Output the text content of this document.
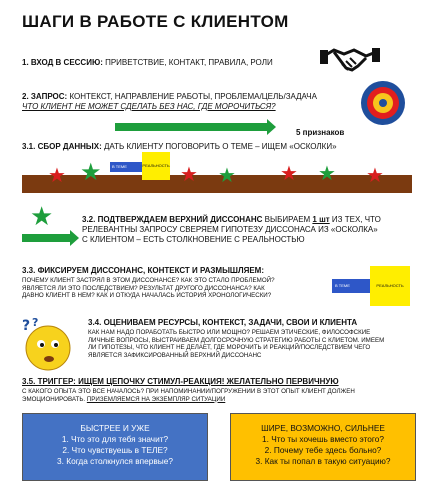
ШАГИ В РАБОТЕ С КЛИЕНТОМ
1. ВХОД В СЕССИЮ: ПРИВЕТСТВИЕ, КОНТАКТ, ПРАВИЛА, РОЛИ
2. ЗАПРОС: КОНТЕКСТ, НАПРАВЛЕНИЕ РАБОТЫ, ПРОБЛЕМА/ЦЕЛЬ/ЗАДАЧА
ЧТО КЛИЕНТ НЕ МОЖЕТ СДЕЛАТЬ БЕЗ НАС, ГДЕ МОРОЧИТЬСЯ?
5 признаков
3.1. СБОР ДАННЫХ: ДАТЬ КЛИЕНТУ ПОГОВОРИТЬ О ТЕМЕ – ИЩЕМ «ОСКОЛКИ»
★ ★	★ ★ ★ ★ ★
В ТЕМЕ	РЕАЛЬНОСТЬ
★	3.2. ПОДТВЕРЖДАЕМ ВЕРХНИЙ ДИССОНАНС ВЫБИРАЕМ 1 шт ИЗ ТЕХ, ЧТО
РЕЛЕВАНТНЫ ЗАПРОСУ СВЕРЯЕМ ГИПОТЕЗУ ДИССОНАСА ИЗ «ОСКОЛКА»
С КЛИЕНТОМ – ЕСТЬ СТОЛКНОВЕНИЕ С РЕАЛЬНОСТЬЮ
3.3. ФИКСИРУЕМ ДИССОНАНС, КОНТЕКСТ И РАЗМЫШЛЯЕМ:
ПОЧЕМУ КЛИЕНТ ЗАСТРЯЛ В ЭТОМ ДИССОНАНСЕ? КАК ЭТО СТАЛО ПРОБЛЕМОЙ?
ЯВЛЯЕТСЯ ЛИ ЭТО ПОСЛЕДСТВИЕМ? РЕЗУЛЬТАТ ДРУГОГО ДИССОНАНСА? КАК
ДАВНО КЛИЕНТ В НЕМ? КАК И ОТКУДА НАЧАЛАСЬ ИСТОРИЯ ХРОНОЛОГИЧЕСКИ?
В ТЕМЕ	РЕАЛЬНОСТЬ
? ?	3.4. ОЦЕНИВАЕМ РЕСУРСЫ, КОНТЕКСТ, ЗАДАЧИ, СВОИ И КЛИЕНТА
КАК НАМ НАДО ПОРАБОТАТЬ БЫСТРО ИЛИ МОЩНО? РЕШАЕМ ЭТИЧЕСКИЕ, ФИЛОСОФСКИЕ
ЛИЧНЫЕ ВОПРОСЫ, ВЫСТРАИВАЕМ ДОЛГОСРОЧНУЮ СТРАТЕГИЮ РАБОТЫ С КЛИЕТОМ. ИМЕЕМ
ЛИ ГИПОТЕЗЫ, ЧТО КЛИЕНТ НЕ ДЕЛАЕТ, ГДЕ МОРОЧИТЬ И РЕАКЦИЙ/ПОСЛЕДСТВИЕМ ЧЕГО
ЯВЛЯЕТСЯ ЗАФИКСИРОВАННЫЙ ВЕРХНИЙ ДИССОНАНС
3.5. ТРИГГЕР: ИЩЕМ ЦЕПОЧКУ СТИМУЛ-РЕАКЦИЯ! ЖЕЛАТЕЛЬНО ПЕРВИЧНУЮ
С КАКОГО ОПЫТА ЭТО ВСЕ НАЧАЛОСЬ? ПРИ НАПОМИНАНИИ/ПОГРУЖЕНИИ В ЭТОТ ОПЫТ КЛИЕНТ ДОЛЖЕН
ЭМОЦИОНИРОВАТЬ. ПРИЗЕМЛЯЕМСЯ НА ЭКЗЕМПЛЯР СИТУАЦИИ
БЫСТРЕЕ И УЖЕ
1. Что это для тебя значит?
2. Что чувствуешь в ТЕЛЕ?
3. Когда столкнулся впервые?
ШИРЕ, ВОЗМОЖНО, СИЛЬНЕЕ
1. Что ты хочешь вместо этого?
2. Почему тебе здесь больно?
3. Как ты попал в такую ситуацию?
